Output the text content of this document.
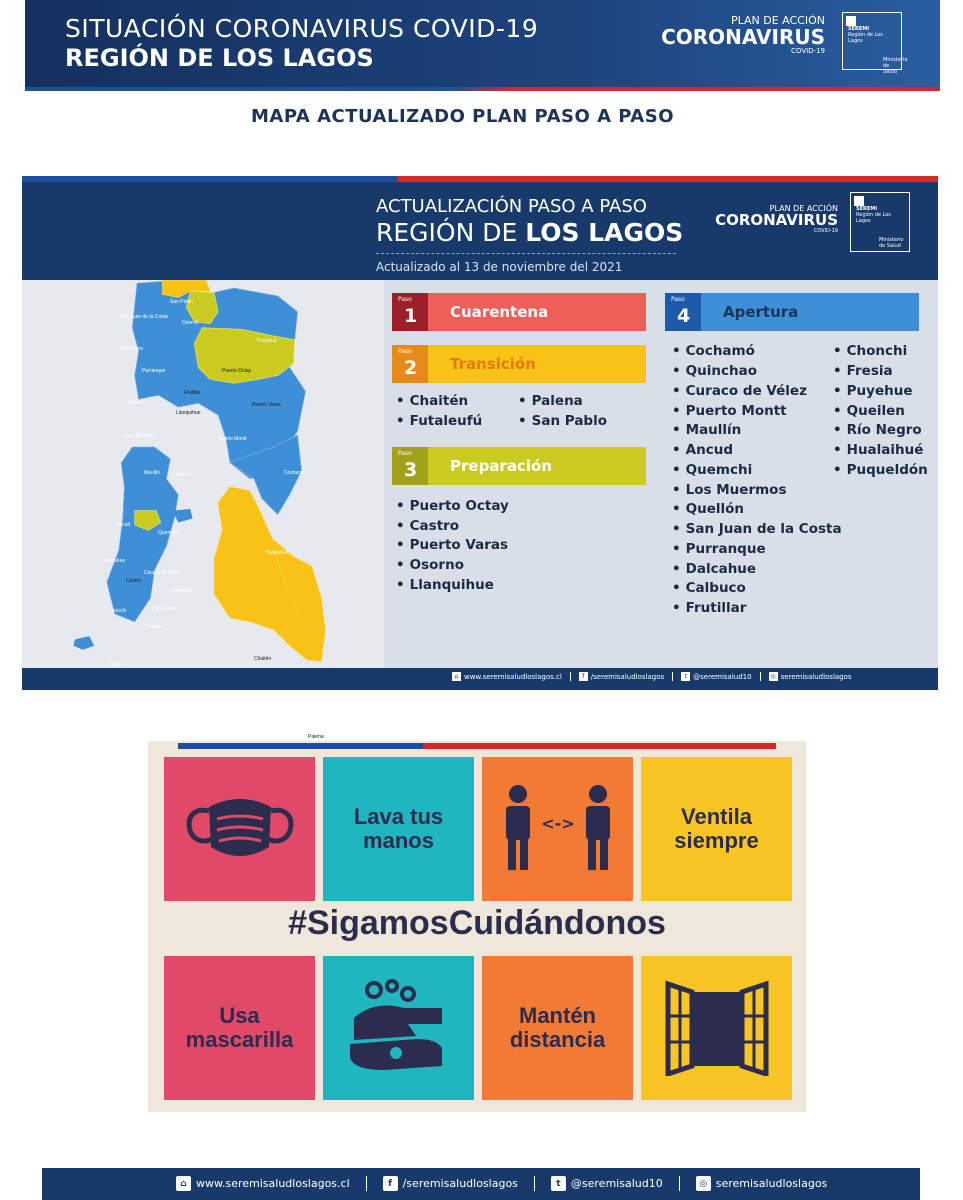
SITUACIÓN CORONAVIRUS COVID-19
REGIÓN DE LOS LAGOS
PLAN DE ACCIÓN
CORONAVIRUS
COVID-19
SEREMI
Región de Los Lagos
Ministerio de Salud
MAPA ACTUALIZADO PLAN PASO A PASO
ACTUALIZACIÓN PASO A PASO
REGIÓN DE LOS LAGOS
Actualizado al 13 de noviembre del 2021
PLAN DE ACCIÓN
CORONAVIRUS
COVID-19
SEREMI
Región de Los Lagos
Ministerio de Salud
San Pablo
San Juan de la Costa
Osorno
Río Negro
Puyehue
Purranque	Puerto Octay
Fresia
Frutillar
Puerto Varas
Llanquihue
Los Muermos	Puerto Montt
Maullín Calbuco	Cochamó
Ancud
Quemchi
Hualaihué
Dalcahue
Curaco de Vélez
Castro
Quinchao
Chonchi	Puqueldón
Queilen
Quellón
Chaitén
Palena
Paso
1	Cuarentena
Paso
2	Transición
• Chaitén
• Futaleufú
• Palena
• San Pablo
Paso
3	Preparación
• Puerto Octay
• Castro
• Puerto Varas
• Osorno
• Llanquihue
Paso
4	Apertura
• Cochamó
• Quinchao
• Curaco de Vélez
• Puerto Montt
• Maullín
• Ancud
• Quemchi
• Los Muermos
• Quellón
• San Juan de la Costa
• Purranque
• Dalcahue
• Calbuco
• Frutillar
• Chonchi
• Fresia
• Puyehue
• Queilen
• Río Negro
• Hualaihué
• Puqueldón
⌂ www.seremisaludloslagos.cl	f /seremisaludloslagos	t @seremisalud10	◎ seremisaludloslagos
Lava tus manos
<->	Ventila siempre
#SigamosCuidándonos
Usa mascarilla
Mantén distancia
⌂ www.seremisaludloslagos.cl	f /seremisaludloslagos	t @seremisalud10	◎ seremisaludloslagos
